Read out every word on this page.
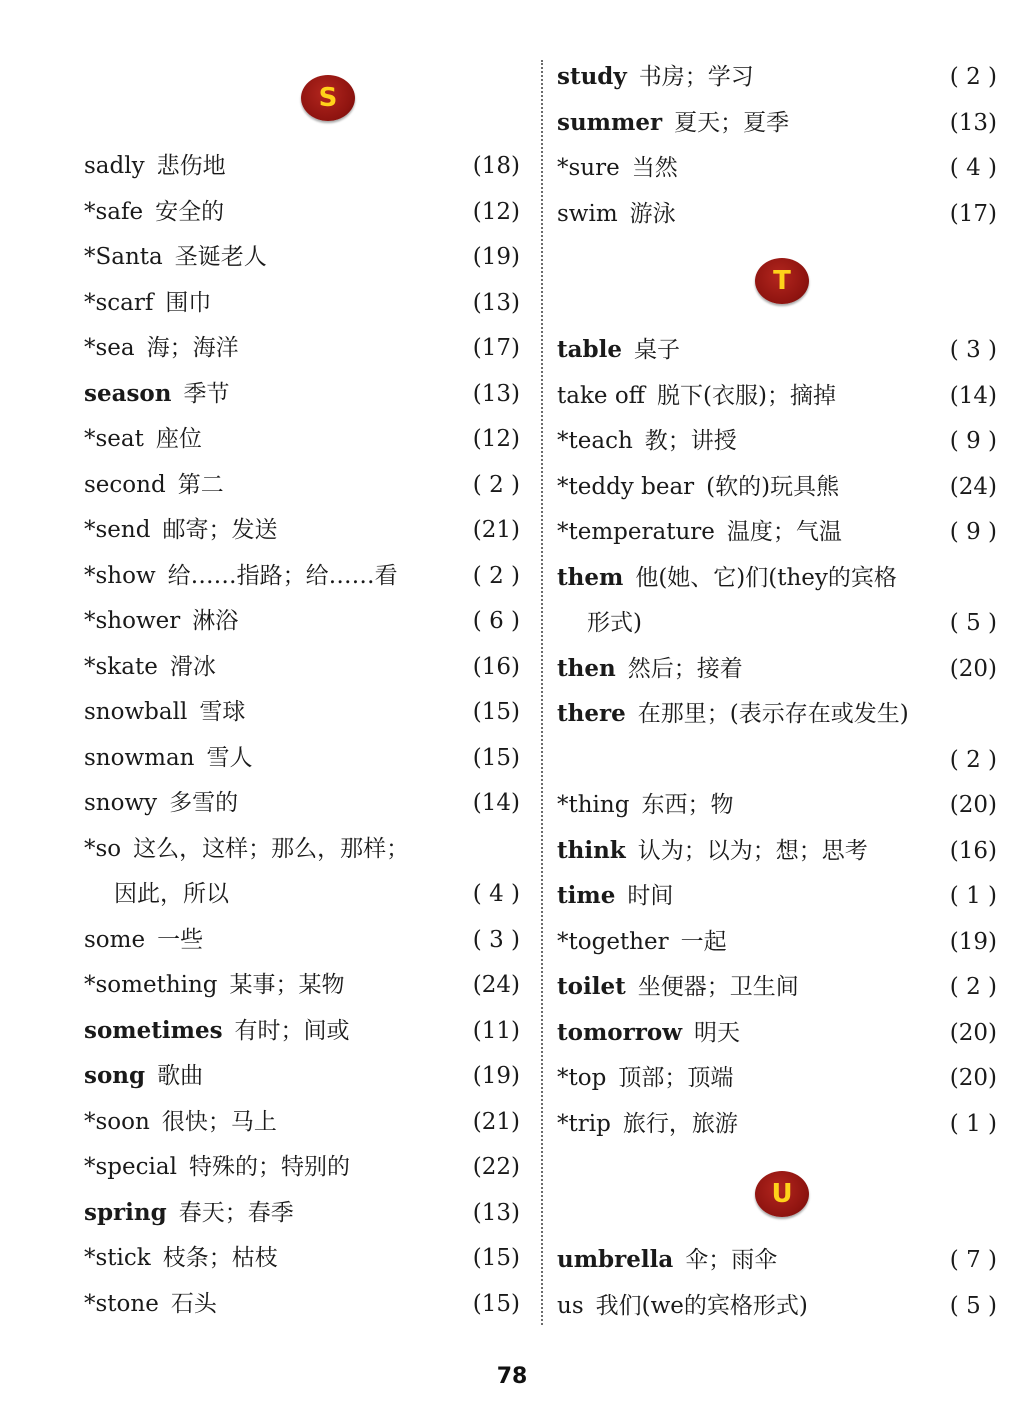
S
sadly 悲伤地	(18)
*safe 安全的	(12)
*Santa 圣诞老人	(19)
*scarf 围巾	(13)
*sea 海；海洋	(17)
season 季节	(13)
*seat 座位	(12)
second 第二	( 2 )
*send 邮寄；发送	(21)
*show 给……指路；给……看	( 2 )
*shower 淋浴	( 6 )
*skate 滑冰	(16)
snowball 雪球	(15)
snowman 雪人	(15)
snowy 多雪的	(14)
*so 这么，这样；那么，那样；
因此，所以	( 4 )
some 一些	( 3 )
*something 某事；某物	(24)
sometimes 有时；间或	(11)
song 歌曲	(19)
*soon 很快；马上	(21)
*special 特殊的；特别的	(22)
spring 春天；春季	(13)
*stick 枝条；枯枝	(15)
*stone 石头	(15)
study 书房；学习	( 2 )
summer 夏天；夏季	(13)
*sure 当然	( 4 )
swim 游泳	(17)
T
table 桌子	( 3 )
take off 脱下(衣服)；摘掉	(14)
*teach 教；讲授	( 9 )
*teddy bear (软的)玩具熊	(24)
*temperature 温度；气温	( 9 )
them 他(她、它)们(they的宾格
形式)	( 5 )
then 然后；接着	(20)
there 在那里；(表示存在或发生)
( 2 )
*thing 东西；物	(20)
think 认为；以为；想；思考	(16)
time 时间	( 1 )
*together 一起	(19)
toilet 坐便器；卫生间	( 2 )
tomorrow 明天	(20)
*top 顶部；顶端	(20)
*trip 旅行，旅游	( 1 )
U
umbrella 伞；雨伞	( 7 )
us 我们(we的宾格形式)	( 5 )
78
